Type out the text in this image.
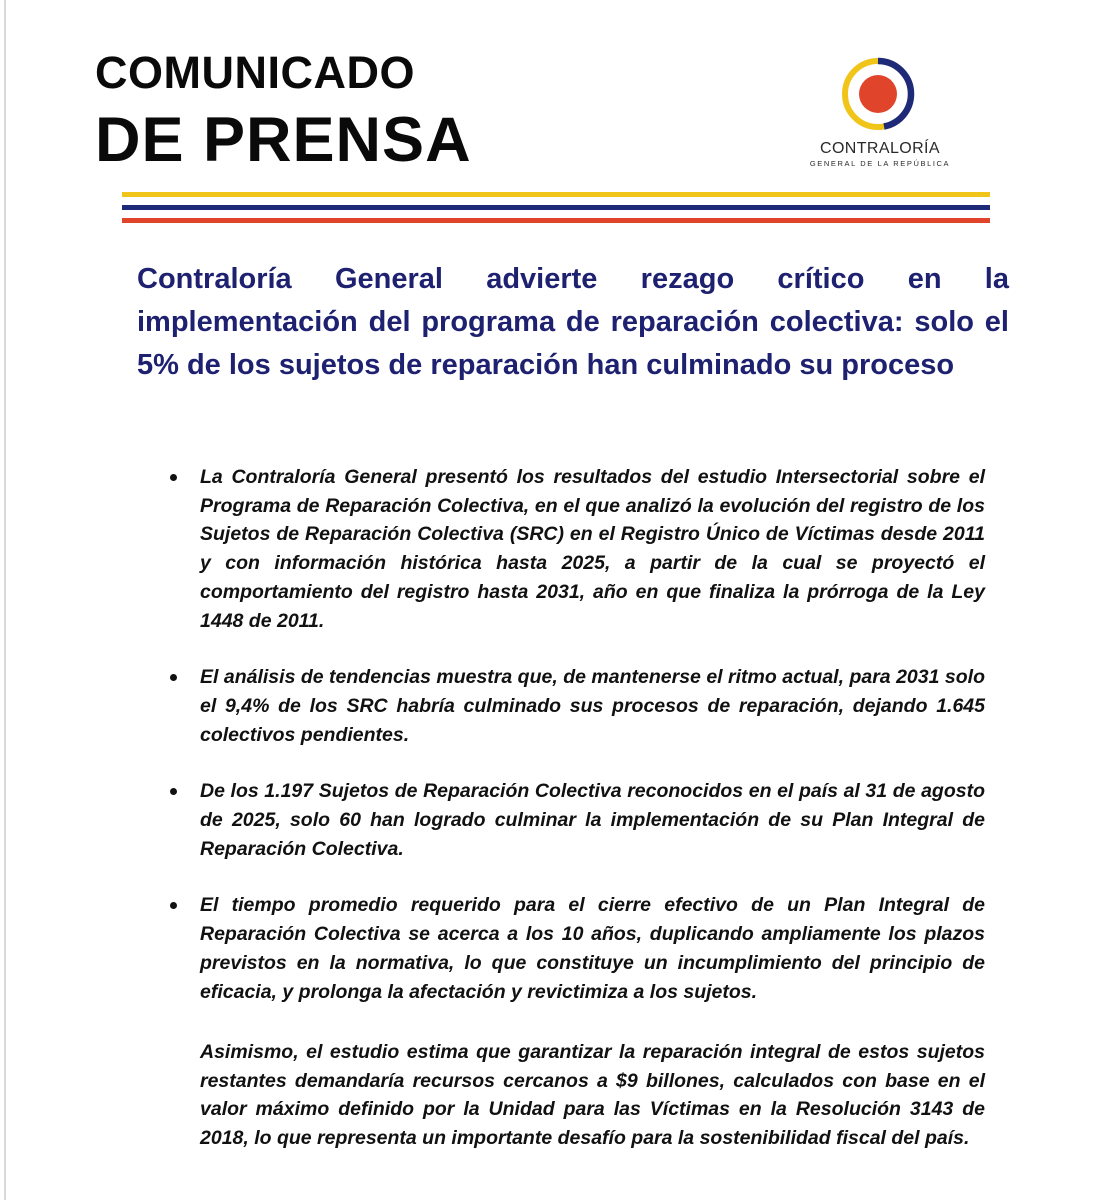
COMUNICADO
DE PRENSA	CONTRALORÍA
GENERAL DE LA REPÚBLICA
Contraloría General advierte rezago crítico en la implementación del programa de reparación colectiva: solo el 5% de los sujetos de reparación han culminado su proceso
La Contraloría General presentó los resultados del estudio Intersectorial sobre el Programa de Reparación Colectiva, en el que analizó la evolución del registro de los Sujetos de Reparación Colectiva (SRC) en el Registro Único de Víctimas desde 2011 y con información histórica hasta 2025, a partir de la cual se proyectó el comportamiento del registro hasta 2031, año en que finaliza la prórroga de la Ley 1448 de 2011.
El análisis de tendencias muestra que, de mantenerse el ritmo actual, para 2031 solo el 9,4% de los SRC habría culminado sus procesos de reparación, dejando 1.645 colectivos pendientes.
De los 1.197 Sujetos de Reparación Colectiva reconocidos en el país al 31 de agosto de 2025, solo 60 han logrado culminar la implementación de su Plan Integral de Reparación Colectiva.
El tiempo promedio requerido para el cierre efectivo de un Plan Integral de Reparación Colectiva se acerca a los 10 años, duplicando ampliamente los plazos previstos en la normativa, lo que constituye un incumplimiento del principio de eficacia, y prolonga la afectación y revictimiza a los sujetos.

Asimismo, el estudio estima que garantizar la reparación integral de estos sujetos restantes demandaría recursos cercanos a $9 billones, calculados con base en el valor máximo definido por la Unidad para las Víctimas en la Resolución 3143 de 2018, lo que representa un importante desafío para la sostenibilidad fiscal del país.
